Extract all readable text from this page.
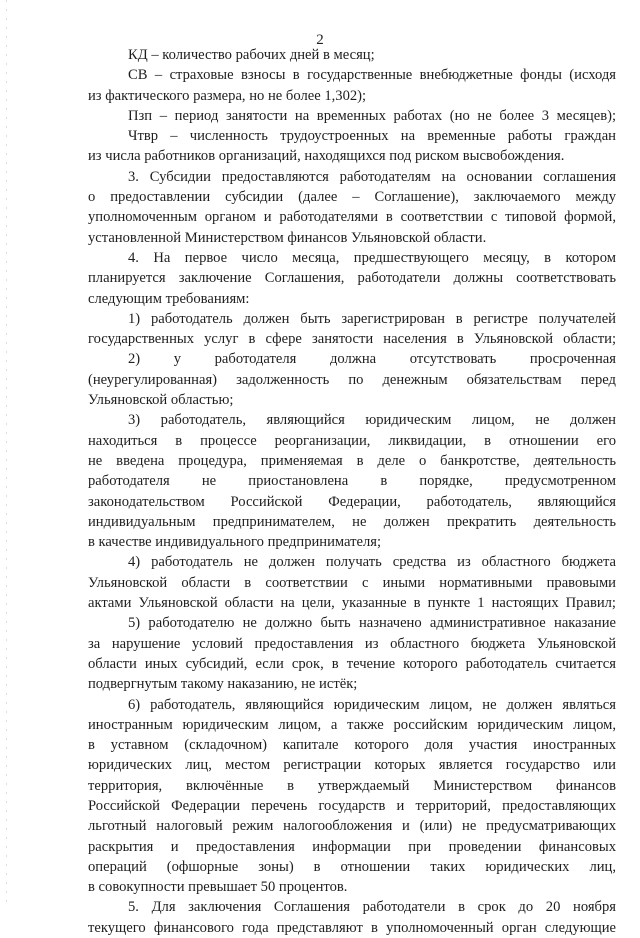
2
КД – количество рабочих дней в месяц;
СВ – страховые взносы в государственные внебюджетные фонды (исходя
из фактического размера, но не более 1,302);
Пзп – период занятости на временных работах (но не более 3 месяцев);
Чтвр – численность трудоустроенных на временные работы граждан
из числа работников организаций, находящихся под риском высвобождения.
3. Субсидии предоставляются работодателям на основании соглашения
о предоставлении субсидии (далее – Соглашение), заключаемого между
уполномоченным органом и работодателями в соответствии с типовой формой,
установленной Министерством финансов Ульяновской области.
4. На первое число месяца, предшествующего месяцу, в котором
планируется заключение Соглашения, работодатели должны соответствовать
следующим требованиям:
1) работодатель должен быть зарегистрирован в регистре получателей
государственных услуг в сфере занятости населения в Ульяновской области;
2) у работодателя должна отсутствовать просроченная
(неурегулированная) задолженность по денежным обязательствам перед
Ульяновской областью;
3) работодатель, являющийся юридическим лицом, не должен
находиться в процессе реорганизации, ликвидации, в отношении его
не введена процедура, применяемая в деле о банкротстве, деятельность
работодателя не приостановлена в порядке, предусмотренном
законодательством Российской Федерации, работодатель, являющийся
индивидуальным предпринимателем, не должен прекратить деятельность
в качестве индивидуального предпринимателя;
4) работодатель не должен получать средства из областного бюджета
Ульяновской области в соответствии с иными нормативными правовыми
актами Ульяновской области на цели, указанные в пункте 1 настоящих Правил;
5) работодателю не должно быть назначено административное наказание
за нарушение условий предоставления из областного бюджета Ульяновской
области иных субсидий, если срок, в течение которого работодатель считается
подвергнутым такому наказанию, не истёк;
6) работодатель, являющийся юридическим лицом, не должен являться
иностранным юридическим лицом, а также российским юридическим лицом,
в уставном (складочном) капитале которого доля участия иностранных
юридических лиц, местом регистрации которых является государство или
территория, включённые в утверждаемый Министерством финансов
Российской Федерации перечень государств и территорий, предоставляющих
льготный налоговый режим налогообложения и (или) не предусматривающих
раскрытия и предоставления информации при проведении финансовых
операций (офшорные зоны) в отношении таких юридических лиц,
в совокупности превышает 50 процентов.
5. Для заключения Соглашения работодатели в срок до 20 ноября
текущего финансового года представляют в уполномоченный орган следующие
